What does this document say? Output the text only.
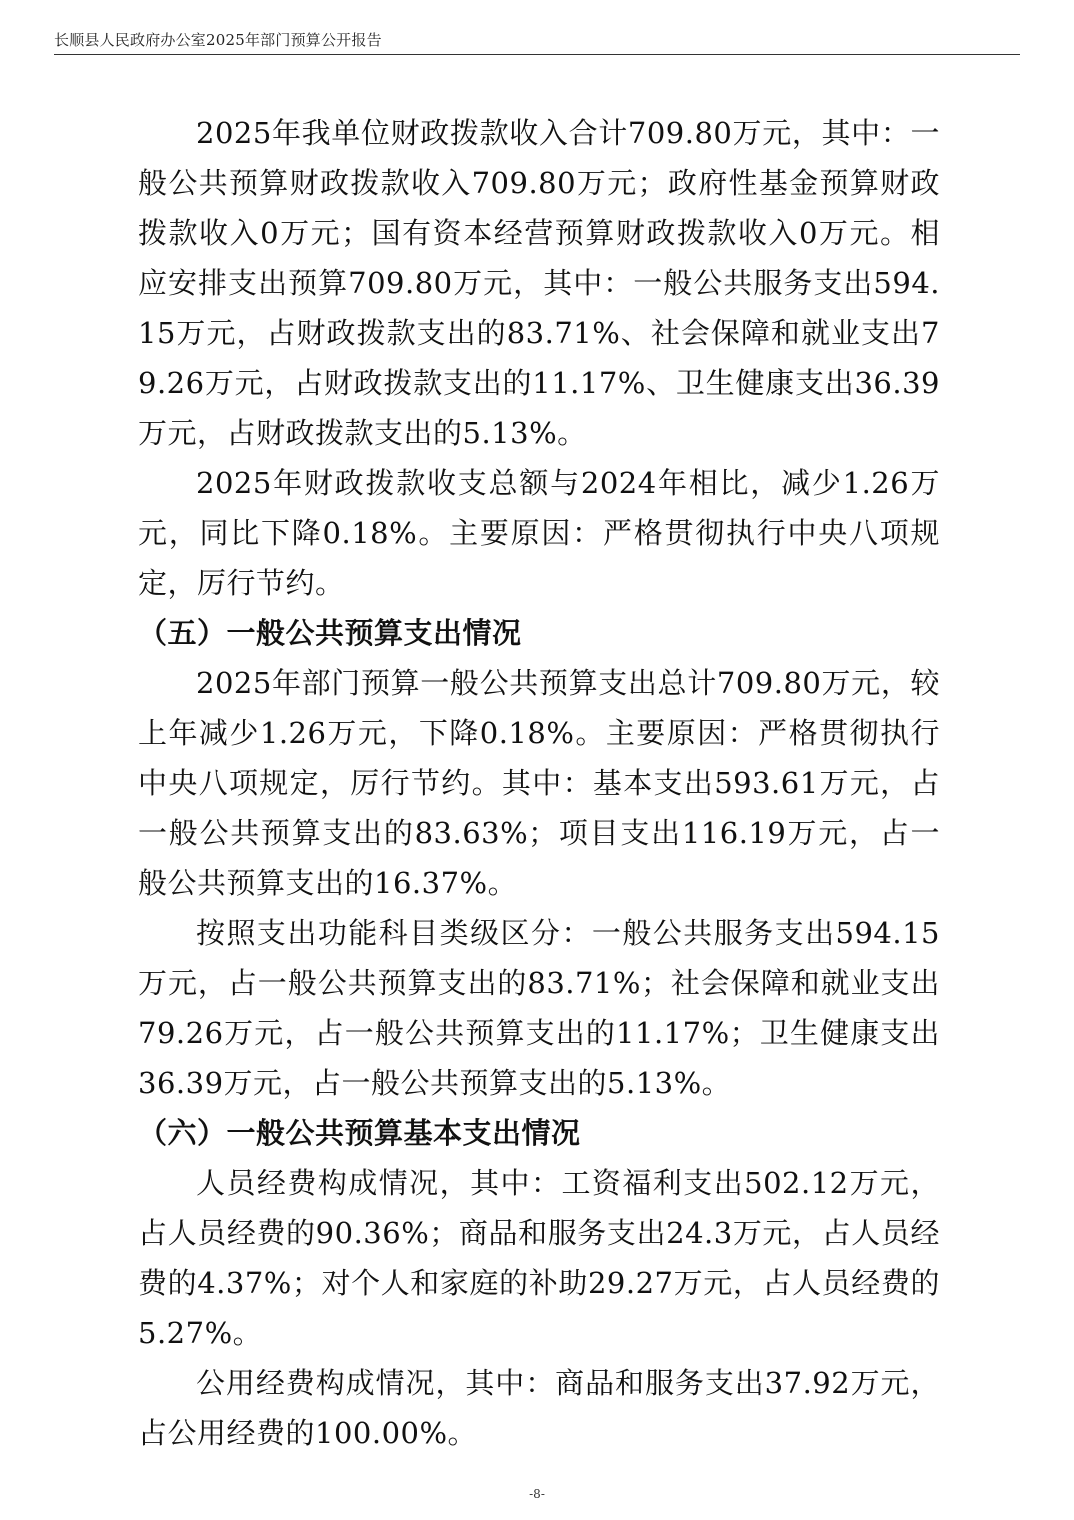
长顺县人民政府办公室2025年部门预算公开报告

2025年我单位财政拨款收入合计709.80万元，其中：一般公共预算财政拨款收入709.80万元；政府性基金预算财政拨款收入0万元；国有资本经营预算财政拨款收入0万元。相应安排支出预算709.80万元，其中：一般公共服务支出594.15万元，占财政拨款支出的83.71%、社会保障和就业支出79.26万元，占财政拨款支出的11.17%、卫生健康支出36.39万元，占财政拨款支出的5.13%。

2025年财政拨款收支总额与2024年相比，减少1.26万元，同比下降0.18%。主要原因：严格贯彻执行中央八项规定，厉行节约。

（五）一般公共预算支出情况

2025年部门预算一般公共预算支出总计709.80万元，较上年减少1.26万元，下降0.18%。主要原因：严格贯彻执行中央八项规定，厉行节约。其中：基本支出593.61万元，占一般公共预算支出的83.63%；项目支出116.19万元，占一般公共预算支出的16.37%。

按照支出功能科目类级区分：一般公共服务支出594.15万元，占一般公共预算支出的83.71%；社会保障和就业支出79.26万元，占一般公共预算支出的11.17%；卫生健康支出36.39万元，占一般公共预算支出的5.13%。

（六）一般公共预算基本支出情况

人员经费构成情况，其中：工资福利支出502.12万元，占人员经费的90.36%；商品和服务支出24.3万元，占人员经费的4.37%；对个人和家庭的补助29.27万元，占人员经费的5.27%。

公用经费构成情况，其中：商品和服务支出37.92万元，占公用经费的100.00%。

-8-
